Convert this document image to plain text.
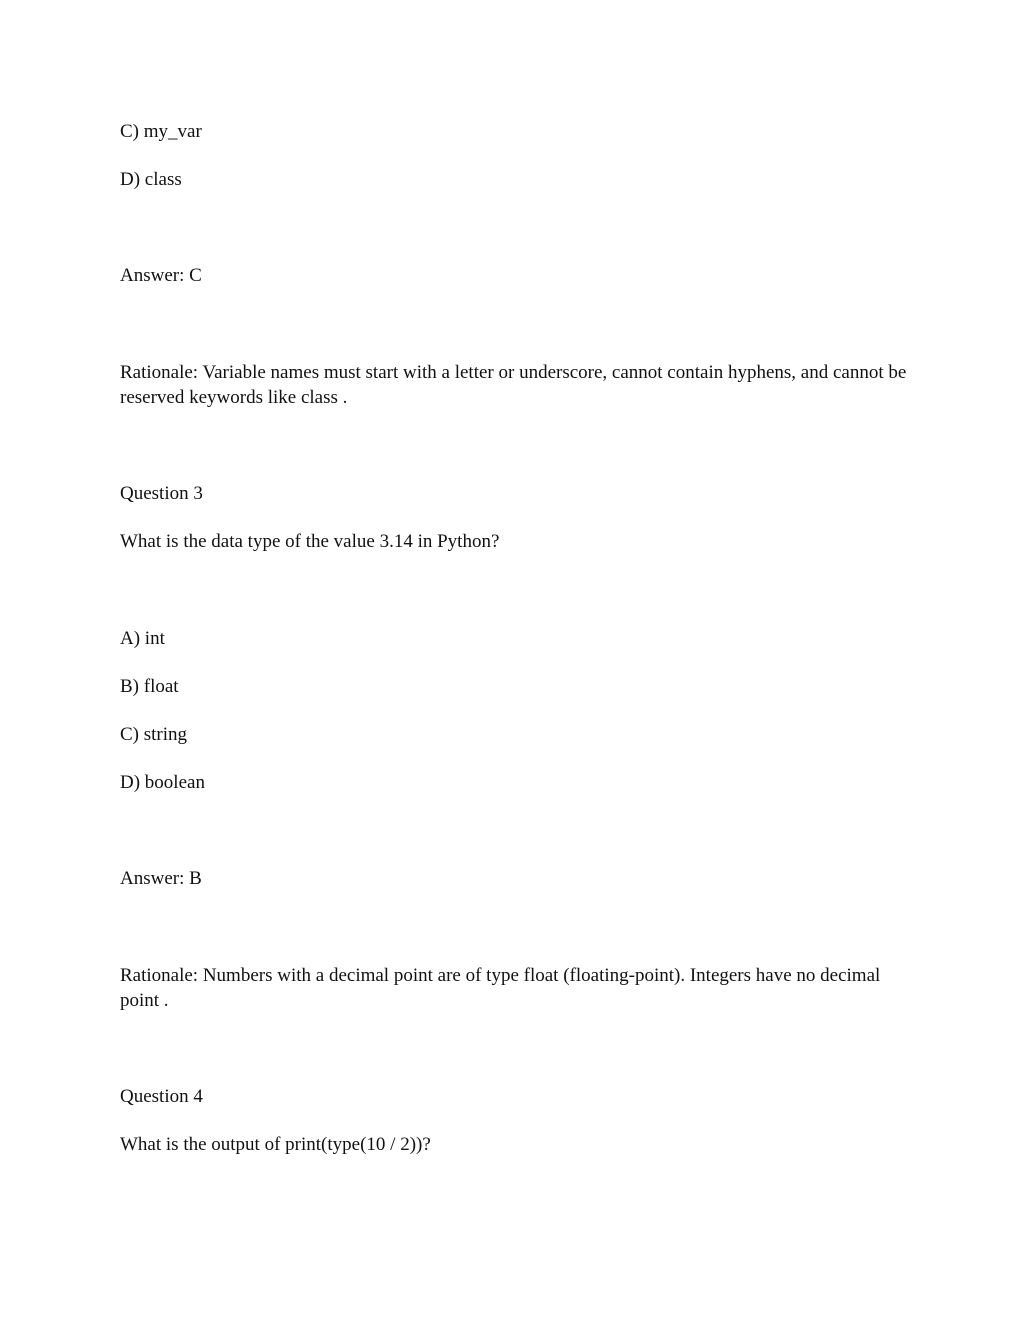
C) my_var
D) class
Answer: C
Rationale: Variable names must start with a letter or underscore, cannot contain hyphens, and cannot be reserved keywords like class .
Question 3
What is the data type of the value 3.14 in Python?
A) int
B) float
C) string
D) boolean
Answer: B
Rationale: Numbers with a decimal point are of type float (floating-point). Integers have no decimal point .
Question 4
What is the output of print(type(10 / 2))?
